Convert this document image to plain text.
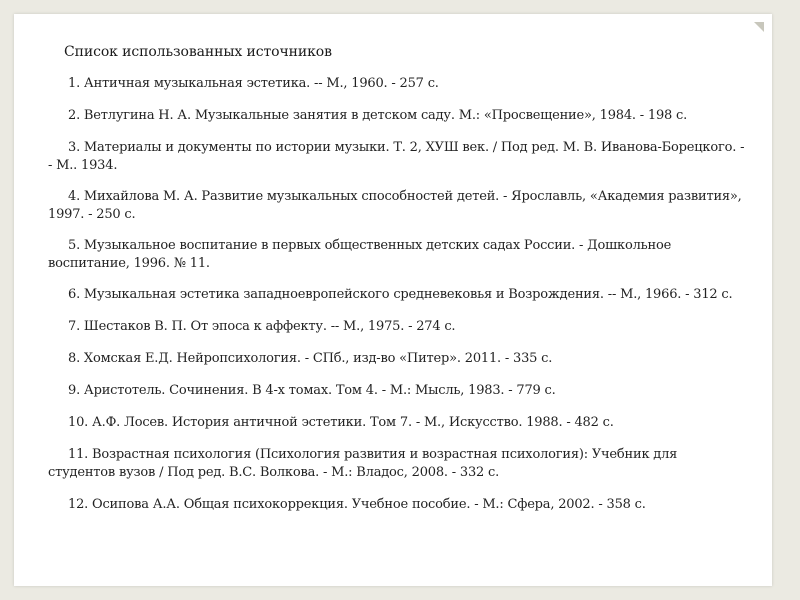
Список использованных источников

1. Античная музыкальная эстетика. -- М., 1960. - 257 с.

2. Ветлугина Н. А. Музыкальные занятия в детском саду. М.: «Просвещение», 1984. - 198 с.

3. Материалы и документы по истории музыки. Т. 2, ХУШ век. / Под ред. М. В. Иванова-Борецкого. -- М.. 1934.

4. Михайлова М. А. Развитие музыкальных способностей детей. - Ярославль, «Академия развития», 1997. - 250 с.

5. Музыкальное воспитание в первых общественных детских садах России. - Дошкольное воспитание, 1996. № 11.

6. Музыкальная эстетика западноевропейского средневековья и Возрождения. -- М., 1966. - 312 с.

7. Шестаков В. П. От эпоса к аффекту. -- М., 1975. - 274 с.

8. Хомская Е.Д. Нейропсихология. - СПб., изд-во «Питер». 2011. - 335 с.

9. Аристотель. Сочинения. В 4-х томах. Том 4. - М.: Мысль, 1983. - 779 с.

10. А.Ф. Лосев. История античной эстетики. Том 7. - М., Искусство. 1988. - 482 с.

11. Возрастная психология (Психология развития и возрастная психология): Учебник для студентов вузов / Под ред. В.С. Волкова. - М.: Владос, 2008. - 332 с.

12. Осипова А.А. Общая психокоррекция. Учебное пособие. - М.: Сфера, 2002. - 358 с.
